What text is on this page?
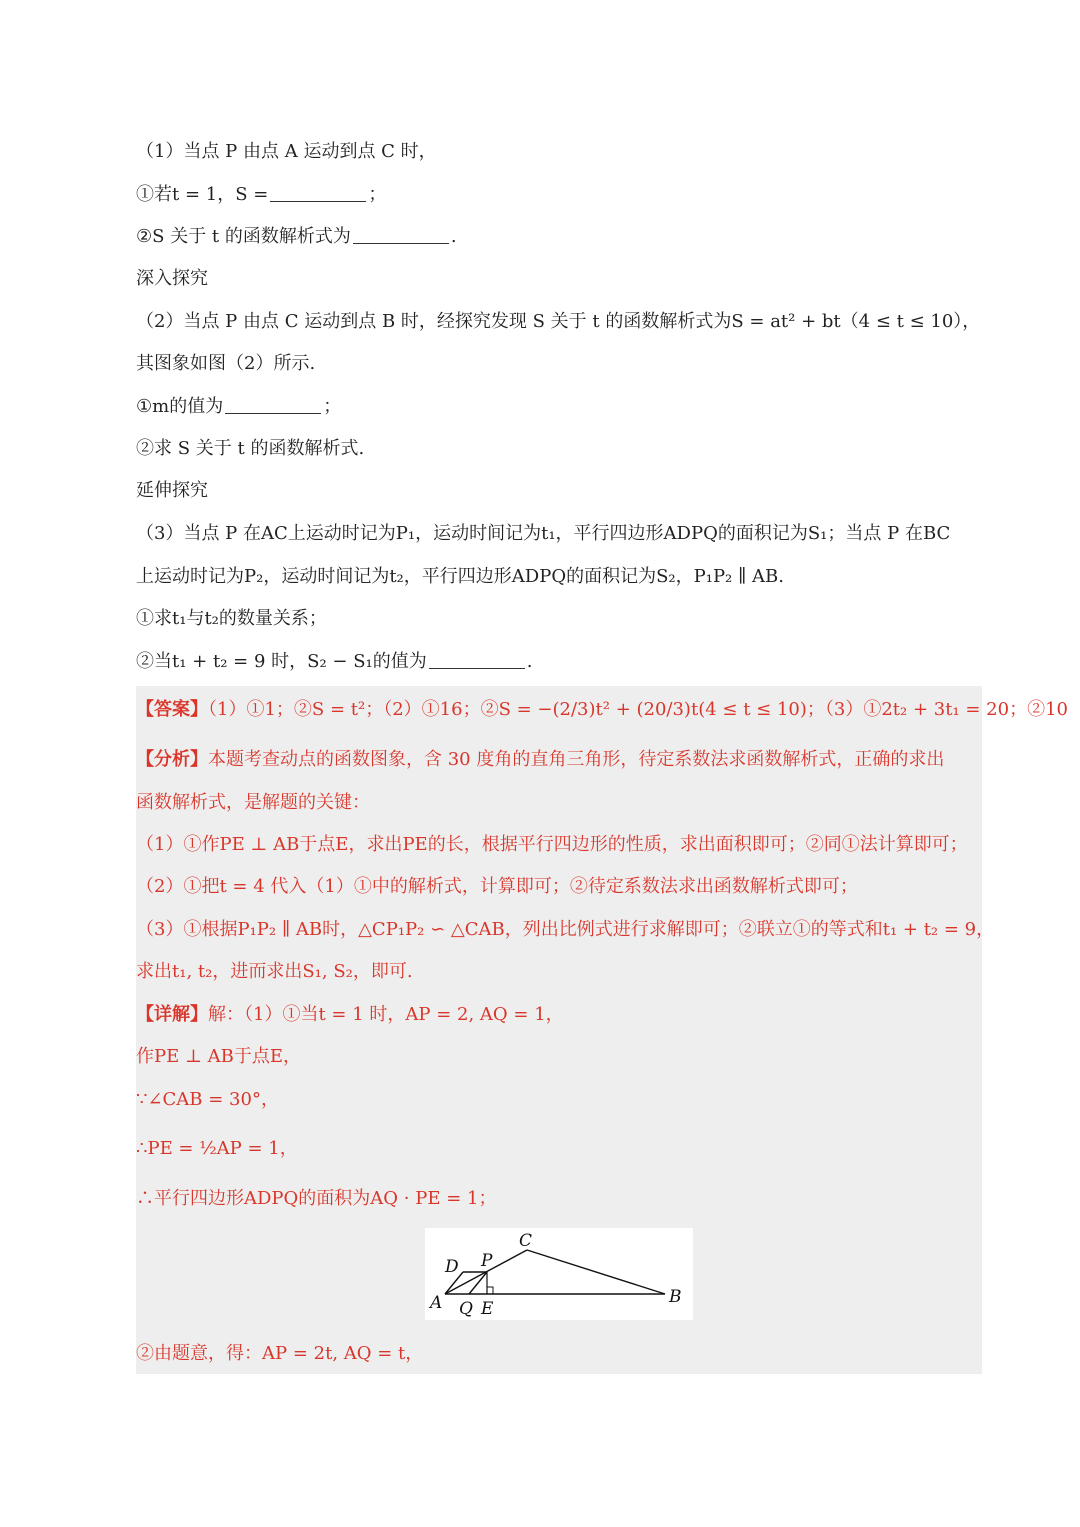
（1）当点 P 由点 A 运动到点 C 时，
①若t = 1，S =	；
②S 关于 t 的函数解析式为	.
深入探究
（2）当点 P 由点 C 运动到点 B 时，经探究发现 S 关于 t 的函数解析式为S = at² + bt（4 ≤ t ≤ 10），
其图象如图（2）所示.
①m的值为	；
②求 S 关于 t 的函数解析式.
延伸探究
（3）当点 P 在AC上运动时记为P₁，运动时间记为t₁，平行四边形ADPQ的面积记为S₁；当点 P 在BC
上运动时记为P₂，运动时间记为t₂，平行四边形ADPQ的面积记为S₂，P₁P₂ ∥ AB.
①求t₁与t₂的数量关系；
②当t₁ + t₂ = 9 时，S₂ − S₁的值为	.
【答案】（1）①1；②S = t²；（2）①16；②S = −(2/3)t² + (20/3)t(4 ≤ t ≤ 10)；（3）①2t₂ + 3t₁ = 20；②10
【分析】本题考查动点的函数图象，含 30 度角的直角三角形，待定系数法求函数解析式，正确的求出
函数解析式，是解题的关键：
（1）①作PE ⊥ AB于点E，求出PE的长，根据平行四边形的性质，求出面积即可；②同①法计算即可；
（2）①把t = 4 代入（1）①中的解析式，计算即可；②待定系数法求出函数解析式即可；
（3）①根据P₁P₂ ∥ AB时，△CP₁P₂ ∽ △CAB，列出比例式进行求解即可；②联立①的等式和t₁ + t₂ = 9，
求出t₁, t₂，进而求出S₁, S₂，即可.
【详解】解：（1）①当t = 1 时，AP = 2, AQ = 1，
作PE ⊥ AB于点E，
∵∠CAB = 30°，
∴PE = ½AP = 1，
∴平行四边形ADPQ的面积为AQ · PE = 1；
C
D P
A Q E
B
②由题意，得：AP = 2t, AQ = t，
